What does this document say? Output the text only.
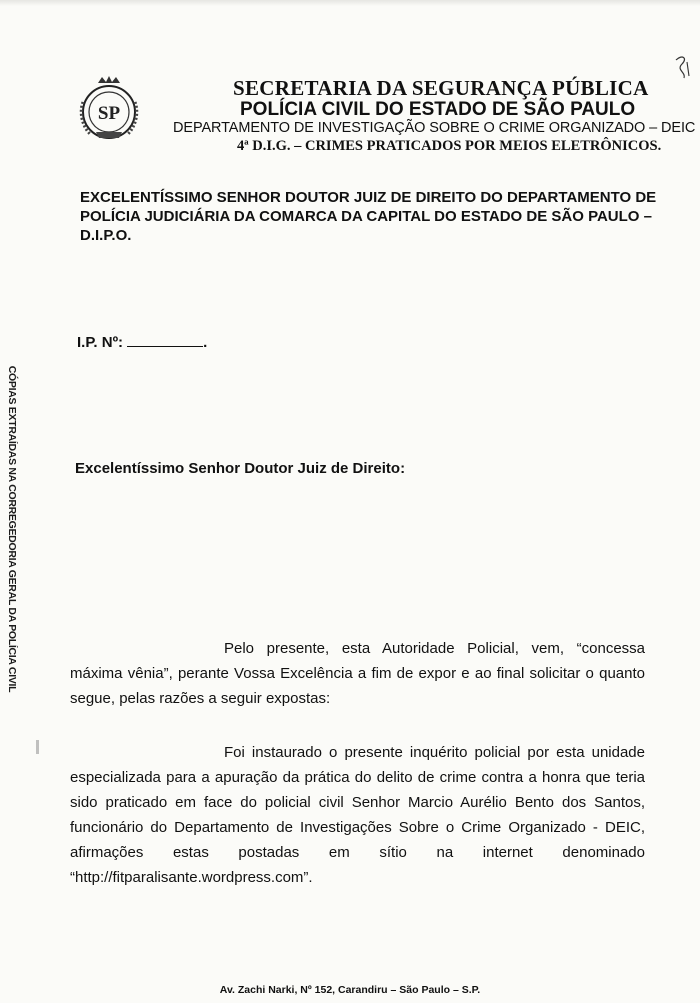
SP
SECRETARIA DA SEGURANÇA PÚBLICA
POLÍCIA CIVIL DO ESTADO DE SÃO PAULO
DEPARTAMENTO DE INVESTIGAÇÃO SOBRE O CRIME ORGANIZADO – DEIC
4ª D.I.G. – CRIMES PRATICADOS POR MEIOS ELETRÔNICOS.
EXCELENTÍSSIMO SENHOR DOUTOR JUIZ DE DIREITO DO DEPARTAMENTO DE POLÍCIA JUDICIÁRIA DA COMARCA DA CAPITAL DO ESTADO DE SÃO PAULO – D.I.P.O.
CÓPIAS EXTRAÍDAS NA CORREGEDORIA GERAL DA POLÍCIA CIVIL
I.P. Nº:	.
Excelentíssimo Senhor Doutor Juiz de Direito:
Pelo presente, esta Autoridade Policial, vem, “concessa máxima vênia”, perante Vossa Excelência a fim de expor e ao final solicitar o quanto segue, pelas razões a seguir expostas:
Foi instaurado o presente inquérito policial por esta unidade especializada para a apuração da prática do delito de crime contra a honra que teria sido praticado em face do policial civil Senhor Marcio Aurélio Bento dos Santos, funcionário do Departamento de Investigações Sobre o Crime Organizado - DEIC, afirmações estas postadas em sítio na internet denominado “http://fitparalisante.wordpress.com”.
Av. Zachi Narki, Nº 152, Carandiru – São Paulo – S.P.
